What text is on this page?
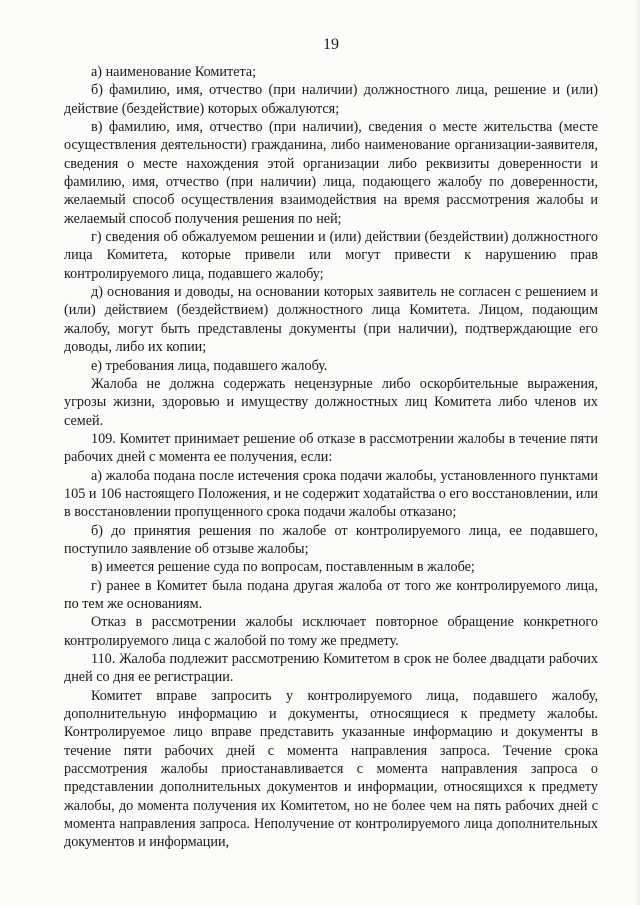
19

а) наименование Комитета;

б) фамилию, имя, отчество (при наличии) должностного лица, решение и (или) действие (бездействие) которых обжалуются;

в) фамилию, имя, отчество (при наличии), сведения о месте жительства (месте осуществления деятельности) гражданина, либо наименование организации-заявителя, сведения о месте нахождения этой организации либо реквизиты доверенности и фамилию, имя, отчество (при наличии) лица, подающего жалобу по доверенности, желаемый способ осуществления взаимодействия на время рассмотрения жалобы и желаемый способ получения решения по ней;

г) сведения об обжалуемом решении и (или) действии (бездействии) должностного лица Комитета, которые привели или могут привести к нарушению прав контролируемого лица, подавшего жалобу;

д) основания и доводы, на основании которых заявитель не согласен с решением и (или) действием (бездействием) должностного лица Комитета. Лицом, подающим жалобу, могут быть представлены документы (при наличии), подтверждающие его доводы, либо их копии;

е) требования лица, подавшего жалобу.

Жалоба не должна содержать нецензурные либо оскорбительные выражения, угрозы жизни, здоровью и имуществу должностных лиц Комитета либо членов их семей.

109. Комитет принимает решение об отказе в рассмотрении жалобы в течение пяти рабочих дней с момента ее получения, если:

а) жалоба подана после истечения срока подачи жалобы, установленного пунктами 105 и 106 настоящего Положения, и не содержит ходатайства о его восстановлении, или в восстановлении пропущенного срока подачи жалобы отказано;

б) до принятия решения по жалобе от контролируемого лица, ее подавшего, поступило заявление об отзыве жалобы;

в) имеется решение суда по вопросам, поставленным в жалобе;

г) ранее в Комитет была подана другая жалоба от того же контролируемого лица, по тем же основаниям.

Отказ в рассмотрении жалобы исключает повторное обращение конкретного контролируемого лица с жалобой по тому же предмету.

110. Жалоба подлежит рассмотрению Комитетом в срок не более двадцати рабочих дней со дня ее регистрации.

Комитет вправе запросить у контролируемого лица, подавшего жалобу, дополнительную информацию и документы, относящиеся к предмету жалобы. Контролируемое лицо вправе представить указанные информацию и документы в течение пяти рабочих дней с момента направления запроса. Течение срока рассмотрения жалобы приостанавливается с момента направления запроса о представлении дополнительных документов и информации, относящихся к предмету жалобы, до момента получения их Комитетом, но не более чем на пять рабочих дней с момента направления запроса. Неполучение от контролируемого лица дополнительных документов и информации,
